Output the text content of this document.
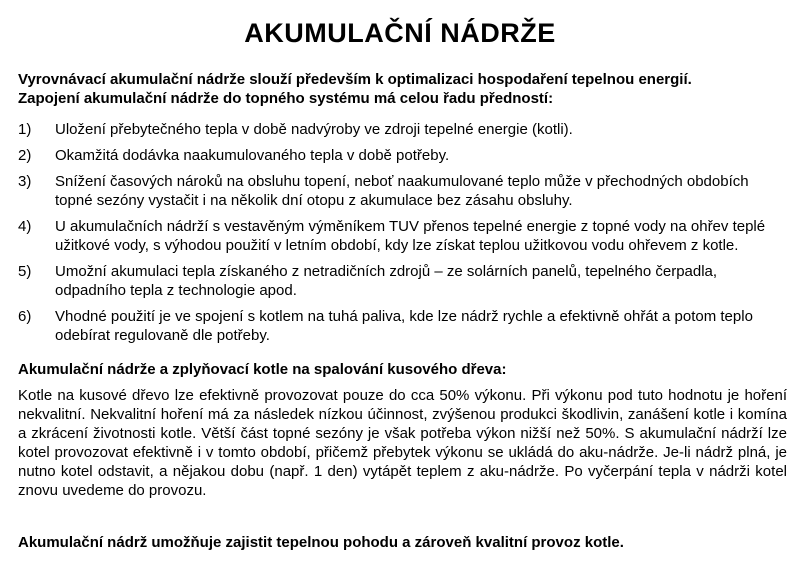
AKUMULAČNÍ NÁDRŽE
Vyrovnávací akumulační nádrže slouží především k optimalizaci hospodaření tepelnou energií.
Zapojení akumulační nádrže do topného systému má celou řadu předností:
1)	Uložení přebytečného tepla v době nadvýroby ve zdroji tepelné energie (kotli).
2)	Okamžitá dodávka naakumulovaného tepla v době potřeby.
3)	Snížení časových nároků na obsluhu topení, neboť naakumulované teplo může v přechodných obdobích topné sezóny vystačit i na několik dní otopu z akumulace bez zásahu obsluhy.
4)	U akumulačních nádrží s vestavěným výměníkem TUV přenos tepelné energie z topné vody na ohřev teplé užitkové vody, s výhodou použití v letním období, kdy lze získat teplou užitkovou vodu ohřevem z kotle.
5)	Umožní akumulaci tepla získaného z netradičních zdrojů – ze solárních panelů, tepelného čerpadla, odpadního tepla z technologie apod.
6)	Vhodné použití je ve spojení s kotlem na tuhá paliva, kde lze nádrž rychle a efektivně ohřát a potom teplo odebírat regulovaně dle potřeby.
Akumulační nádrže a zplyňovací kotle na spalování kusového dřeva:

Kotle na kusové dřevo lze efektivně provozovat pouze do cca 50% výkonu. Při výkonu pod tuto hodnotu je hoření nekvalitní. Nekvalitní hoření má za následek nízkou účinnost, zvýšenou produkci škodlivin, zanášení kotle i komína a zkrácení životnosti kotle. Větší část topné sezóny je však potřeba výkon nižší než 50%. S akumulační nádrží lze kotel provozovat efektivně i v tomto období, přičemž přebytek výkonu se ukládá do aku-nádrže. Je-li nádrž plná, je nutno kotel odstavit, a nějakou dobu (např. 1 den) vytápět teplem z aku-nádrže. Po vyčerpání tepla v nádrži kotel znovu uvedeme do provozu.

Akumulační nádrž umožňuje zajistit tepelnou pohodu a zároveň kvalitní provoz kotle.
